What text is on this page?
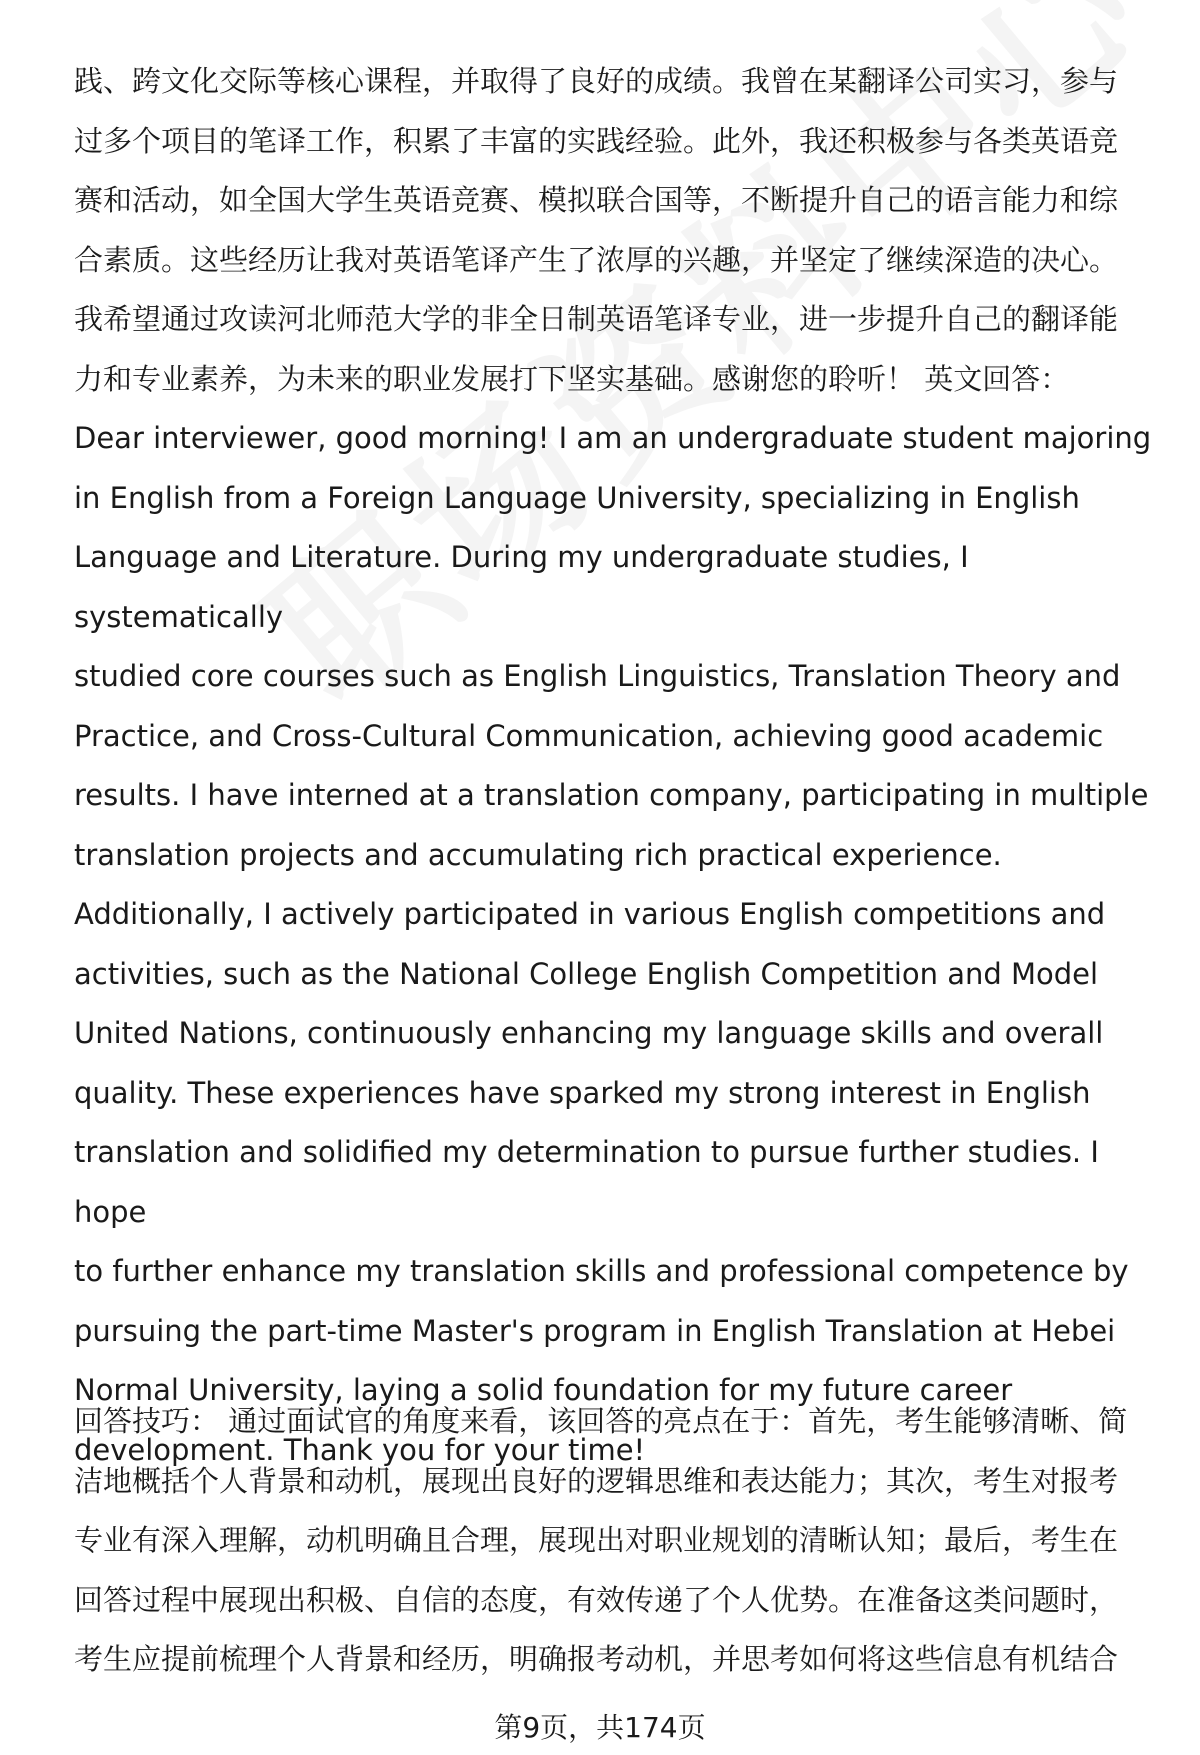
践、跨文化交际等核心课程，并取得了良好的成绩。我曾在某翻译公司实习，参与
过多个项目的笔译工作，积累了丰富的实践经验。此外，我还积极参与各类英语竞
赛和活动，如全国大学生英语竞赛、模拟联合国等，不断提升自己的语言能力和综
合素质。这些经历让我对英语笔译产生了浓厚的兴趣，并坚定了继续深造的决心。
我希望通过攻读河北师范大学的非全日制英语笔译专业，进一步提升自己的翻译能
力和专业素养，为未来的职业发展打下坚实基础。感谢您的聆听！ 英文回答：
Dear interviewer, good morning! I am an undergraduate student majoring
in English from a Foreign Language University, specializing in English
Language and Literature. During my undergraduate studies, I systematically
studied core courses such as English Linguistics, Translation Theory and
Practice, and Cross-Cultural Communication, achieving good academic
results. I have interned at a translation company, participating in multiple
translation projects and accumulating rich practical experience.
Additionally, I actively participated in various English competitions and
activities, such as the National College English Competition and Model
United Nations, continuously enhancing my language skills and overall
quality. These experiences have sparked my strong interest in English
translation and solidified my determination to pursue further studies. I hope
to further enhance my translation skills and professional competence by
pursuing the part-time Master's program in English Translation at Hebei
Normal University, laying a solid foundation for my future career
development. Thank you for your time!

回答技巧： 通过面试官的角度来看，该回答的亮点在于：首先，考生能够清晰、简
洁地概括个人背景和动机，展现出良好的逻辑思维和表达能力；其次，考生对报考
专业有深入理解，动机明确且合理，展现出对职业规划的清晰认知；最后，考生在
回答过程中展现出积极、自信的态度，有效传递了个人优势。在准备这类问题时，
考生应提前梳理个人背景和经历，明确报考动机，并思考如何将这些信息有机结合

第9页，共174页
